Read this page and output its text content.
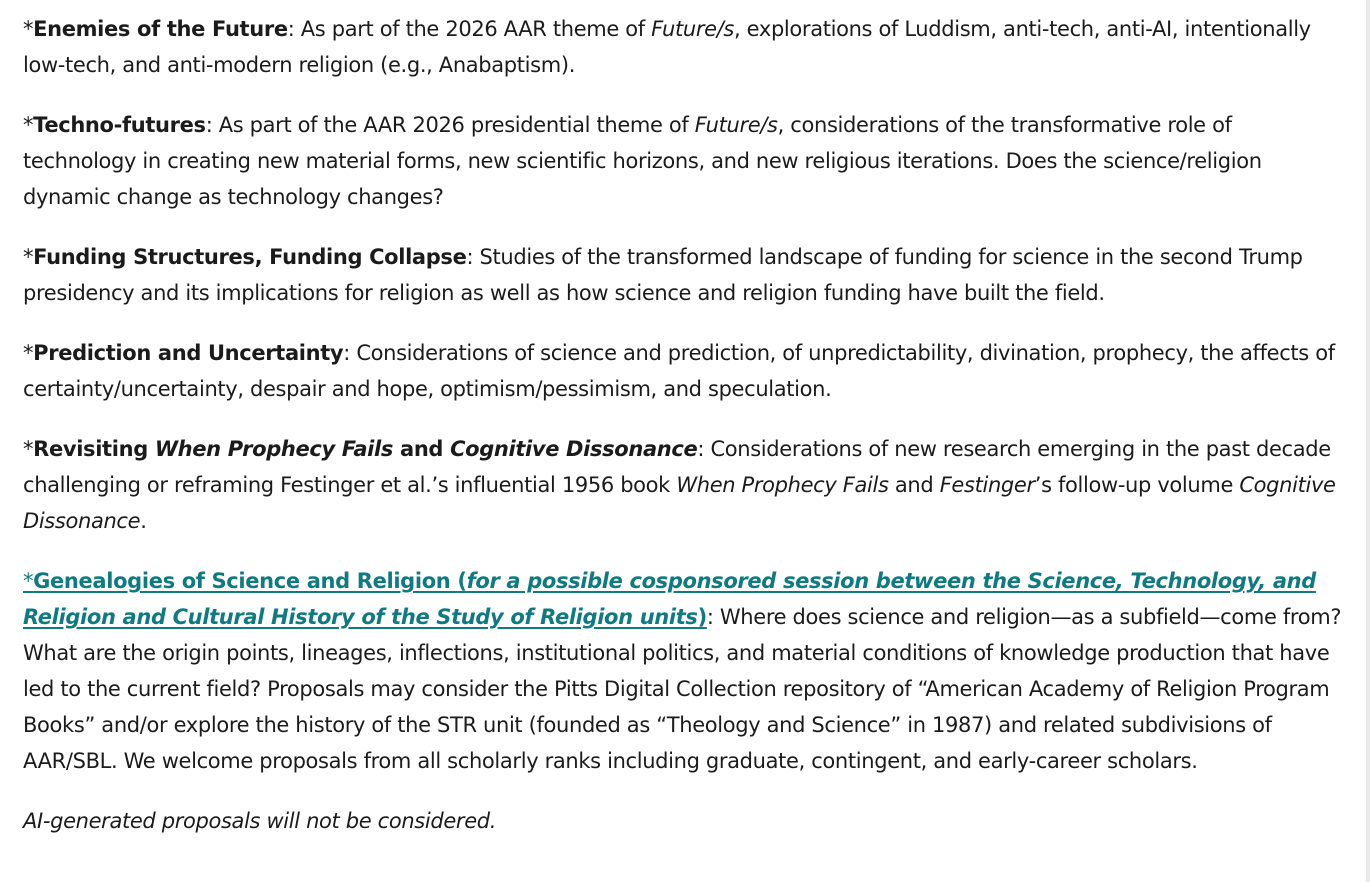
*Enemies of the Future: As part of the 2026 AAR theme of Future/s, explorations of Luddism, anti-tech, anti-AI, intentionally low-tech, and anti-modern religion (e.g., Anabaptism).

*Techno-futures: As part of the AAR 2026 presidential theme of Future/s, considerations of the transformative role of technology in creating new material forms, new scientific horizons, and new religious iterations. Does the science/religion dynamic change as technology changes?

*Funding Structures, Funding Collapse: Studies of the transformed landscape of funding for science in the second Trump presidency and its implications for religion as well as how science and religion funding have built the field.

*Prediction and Uncertainty: Considerations of science and prediction, of unpredictability, divination, prophecy, the affects of certainty/uncertainty, despair and hope, optimism/pessimism, and speculation.

*Revisiting When Prophecy Fails and Cognitive Dissonance: Considerations of new research emerging in the past decade challenging or reframing Festinger et al.’s influential 1956 book When Prophecy Fails and Festinger’s follow-up volume Cognitive Dissonance.

*Genealogies of Science and Religion (for a possible cosponsored session between the Science, Technology, and Religion and Cultural History of the Study of Religion units): Where does science and religion—as a subfield—come from? What are the origin points, lineages, inflections, institutional politics, and material conditions of knowledge production that have led to the current field? Proposals may consider the Pitts Digital Collection repository of “American Academy of Religion Program Books” and/or explore the history of the STR unit (founded as “Theology and Science” in 1987) and related subdivisions of AAR/SBL. We welcome proposals from all scholarly ranks including graduate, contingent, and early-career scholars.

AI-generated proposals will not be considered.
